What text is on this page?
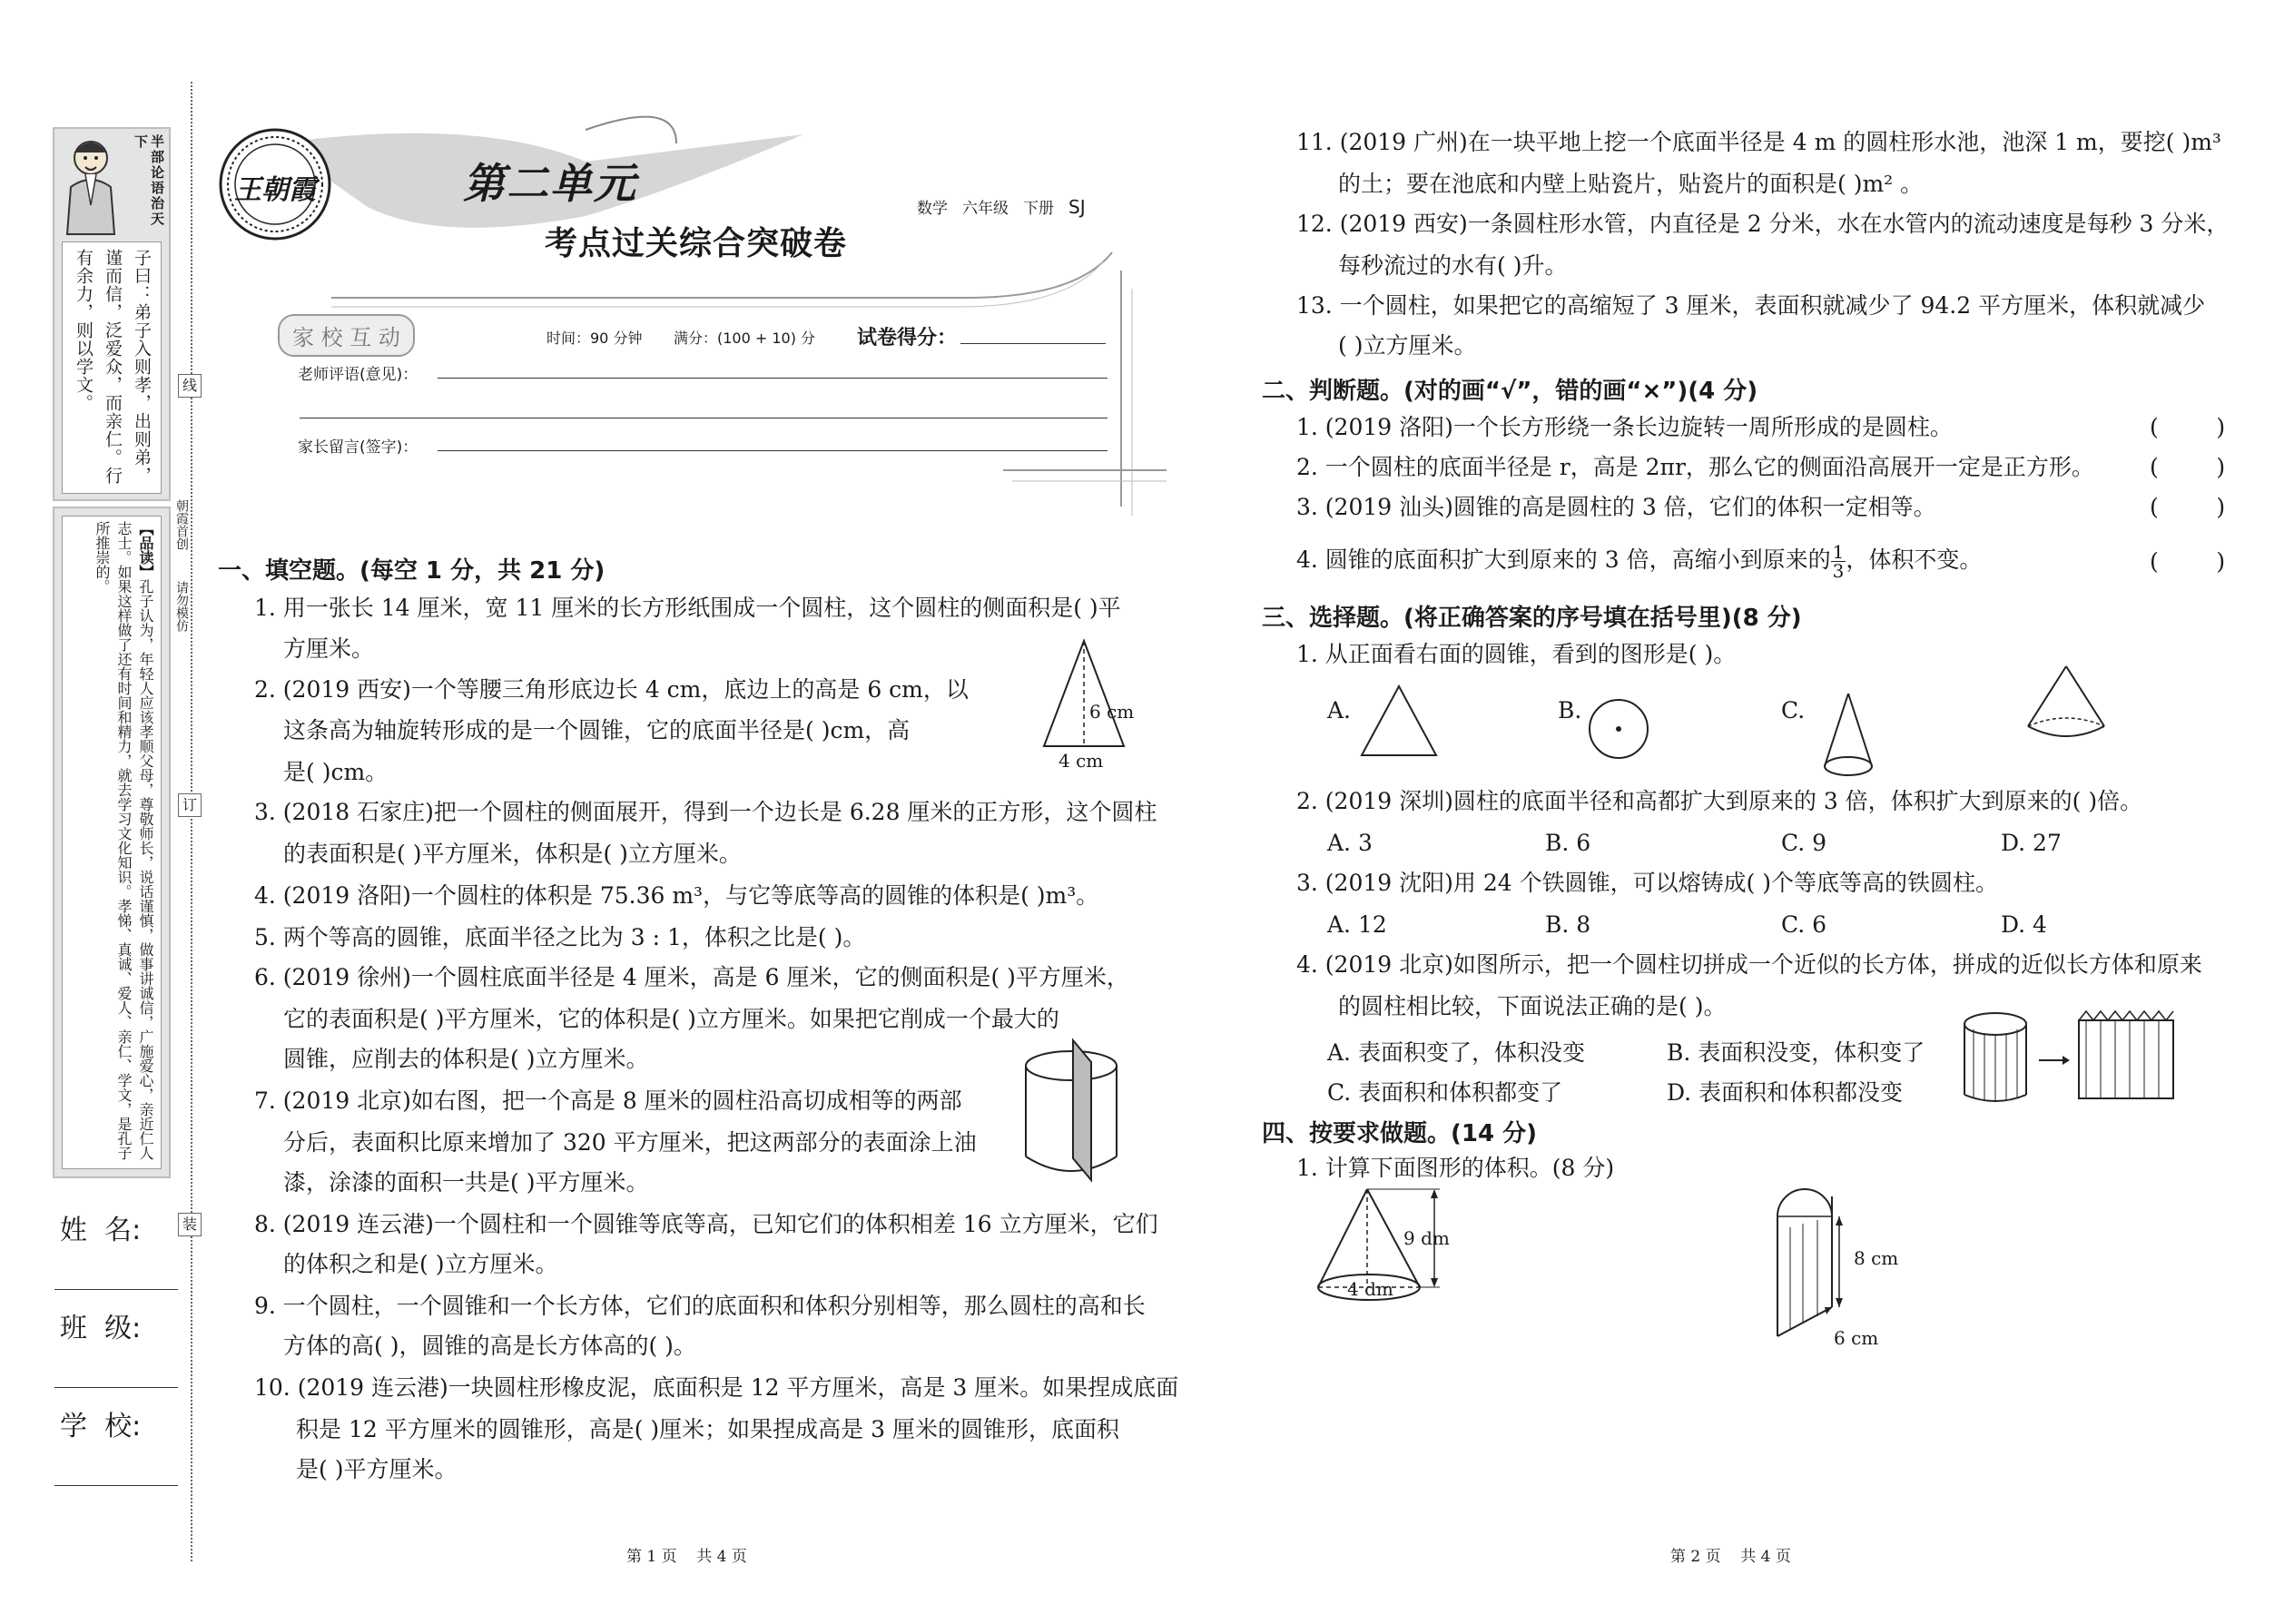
半部论语治天下
子曰：弟子入则孝，出则弟，谨而信，泛爱众，而亲仁。行有余力，则以学文。
【品读】孔子认为，年轻人应该孝顺父母，尊敬师长，说话谨慎，做事讲诚信，广施爱心，亲近仁人志士。如果这样做了还有时间和精力，就去学习文化知识。孝悌、真诚、爱人、亲仁、学文，是孔子所推崇的。
姓  名:
班  级:
学  校:
线
订
装
朝霞首创
请勿模仿
王朝霞	第二单元
考点过关综合突破卷
数学 六年级 下册 SJ
家 校 互 动	时间：90 分钟 满分：(100 + 10) 分 试卷得分：
老师评语(意见)：
家长留言(签字)：
一、填空题。(每空 1 分，共 21 分)
1. 用一张长 14 厘米，宽 11 厘米的长方形纸围成一个圆柱，这个圆柱的侧面积是( )平
方厘米。
2. (2019 西安)一个等腰三角形底边长 4 cm，底边上的高是 6 cm，以
这条高为轴旋转形成的是一个圆锥，它的底面半径是( )cm，高
是( )cm。
6 cm
4 cm
3. (2018 石家庄)把一个圆柱的侧面展开，得到一个边长是 6.28 厘米的正方形，这个圆柱
的表面积是( )平方厘米，体积是( )立方厘米。
4. (2019 洛阳)一个圆柱的体积是 75.36 m³，与它等底等高的圆锥的体积是( )m³。
5. 两个等高的圆锥，底面半径之比为 3 : 1，体积之比是( )。
6. (2019 徐州)一个圆柱底面半径是 4 厘米，高是 6 厘米，它的侧面积是( )平方厘米，
它的表面积是( )平方厘米，它的体积是( )立方厘米。如果把它削成一个最大的
圆锥，应削去的体积是( )立方厘米。
7. (2019 北京)如右图，把一个高是 8 厘米的圆柱沿高切成相等的两部
分后，表面积比原来增加了 320 平方厘米，把这两部分的表面涂上油
漆，涂漆的面积一共是( )平方厘米。
8. (2019 连云港)一个圆柱和一个圆锥等底等高，已知它们的体积相差 16 立方厘米，它们
的体积之和是( )立方厘米。
9. 一个圆柱，一个圆锥和一个长方体，它们的底面积和体积分别相等，那么圆柱的高和长
方体的高( )，圆锥的高是长方体高的( )。
10. (2019 连云港)一块圆柱形橡皮泥，底面积是 12 平方厘米，高是 3 厘米。如果捏成底面
积是 12 平方厘米的圆锥形，高是( )厘米；如果捏成高是 3 厘米的圆锥形，底面积
是( )平方厘米。
第 1 页    共 4 页
11. (2019 广州)在一块平地上挖一个底面半径是 4 m 的圆柱形水池，池深 1 m，要挖( )m³
的土；要在池底和内壁上贴瓷片，贴瓷片的面积是( )m² 。
12. (2019 西安)一条圆柱形水管，内直径是 2 分米，水在水管内的流动速度是每秒 3 分米，
每秒流过的水有( )升。
13. 一个圆柱，如果把它的高缩短了 3 厘米，表面积就减少了 94.2 平方厘米，体积就减少
( )立方厘米。
二、判断题。(对的画“√”，错的画“×”)(4 分)
1. (2019 洛阳)一个长方形绕一条长边旋转一周所形成的是圆柱。	(        )
2. 一个圆柱的底面半径是 r，高是 2πr，那么它的侧面沿高展开一定是正方形。 (        )
3. (2019 汕头)圆锥的高是圆柱的 3 倍，它们的体积一定相等。	(        )
4. 圆锥的底面积扩大到原来的 3 倍，高缩小到原来的 $\frac{1}{3}$ ，体积不变。	(        )
三、选择题。(将正确答案的序号填在括号里)(8 分)
1. 从正面看右面的圆锥，看到的图形是( )。
A.	B.	C.
2. (2019 深圳)圆柱的底面半径和高都扩大到原来的 3 倍，体积扩大到原来的( )倍。
A. 3	B. 6	C. 9	D. 27
3. (2019 沈阳)用 24 个铁圆锥，可以熔铸成( )个等底等高的铁圆柱。
A. 12	B. 8	C. 6	D. 4
4. (2019 北京)如图所示，把一个圆柱切拼成一个近似的长方体，拼成的近似长方体和原来
的圆柱相比较，下面说法正确的是( )。
A. 表面积变了，体积没变	B. 表面积没变，体积变了
C. 表面积和体积都变了	D. 表面积和体积都没变
四、按要求做题。(14 分)
1. 计算下面图形的体积。(8 分)
9 dm
4 dm
8 cm
6 cm
第 2 页    共 4 页
